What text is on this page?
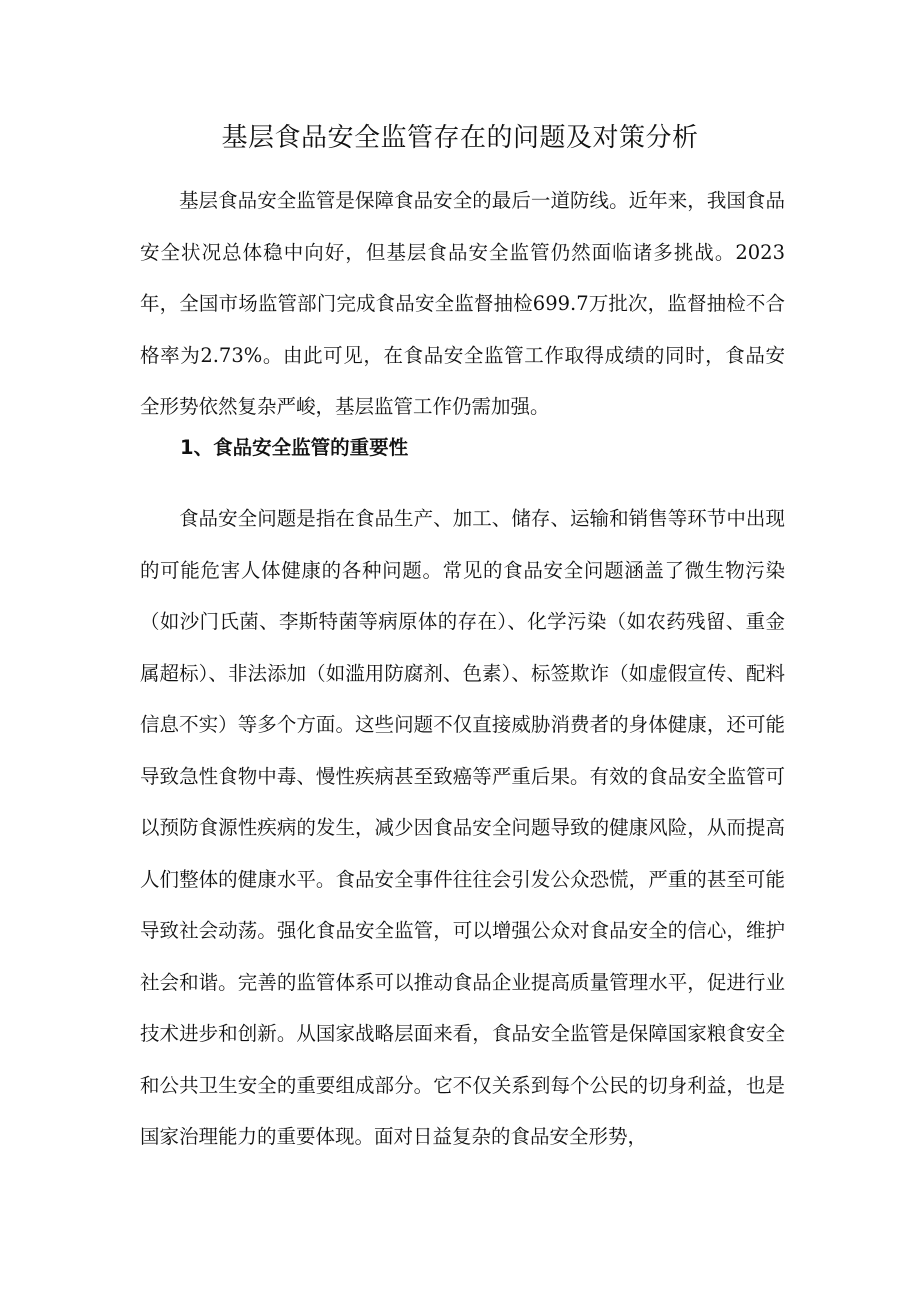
基层食品安全监管存在的问题及对策分析

基层食品安全监管是保障食品安全的最后一道防线。近年来，我国食品安全状况总体稳中向好，但基层食品安全监管仍然面临诸多挑战。2023年，全国市场监管部门完成食品安全监督抽检699.7万批次，监督抽检不合格率为2.73%。由此可见，在食品安全监管工作取得成绩的同时，食品安全形势依然复杂严峻，基层监管工作仍需加强。

1、食品安全监管的重要性

食品安全问题是指在食品生产、加工、储存、运输和销售等环节中出现的可能危害人体健康的各种问题。常见的食品安全问题涵盖了微生物污染（如沙门氏菌、李斯特菌等病原体的存在）、化学污染（如农药残留、重金属超标）、非法添加（如滥用防腐剂、色素）、标签欺诈（如虚假宣传、配料信息不实）等多个方面。这些问题不仅直接威胁消费者的身体健康，还可能导致急性食物中毒、慢性疾病甚至致癌等严重后果。有效的食品安全监管可以预防食源性疾病的发生，减少因食品安全问题导致的健康风险，从而提高人们整体的健康水平。食品安全事件往往会引发公众恐慌，严重的甚至可能导致社会动荡。强化食品安全监管，可以增强公众对食品安全的信心，维护社会和谐。完善的监管体系可以推动食品企业提高质量管理水平，促进行业技术进步和创新。从国家战略层面来看，食品安全监管是保障国家粮食安全和公共卫生安全的重要组成部分。它不仅关系到每个公民的切身利益，也是国家治理能力的重要体现。面对日益复杂的食品安全形势，
